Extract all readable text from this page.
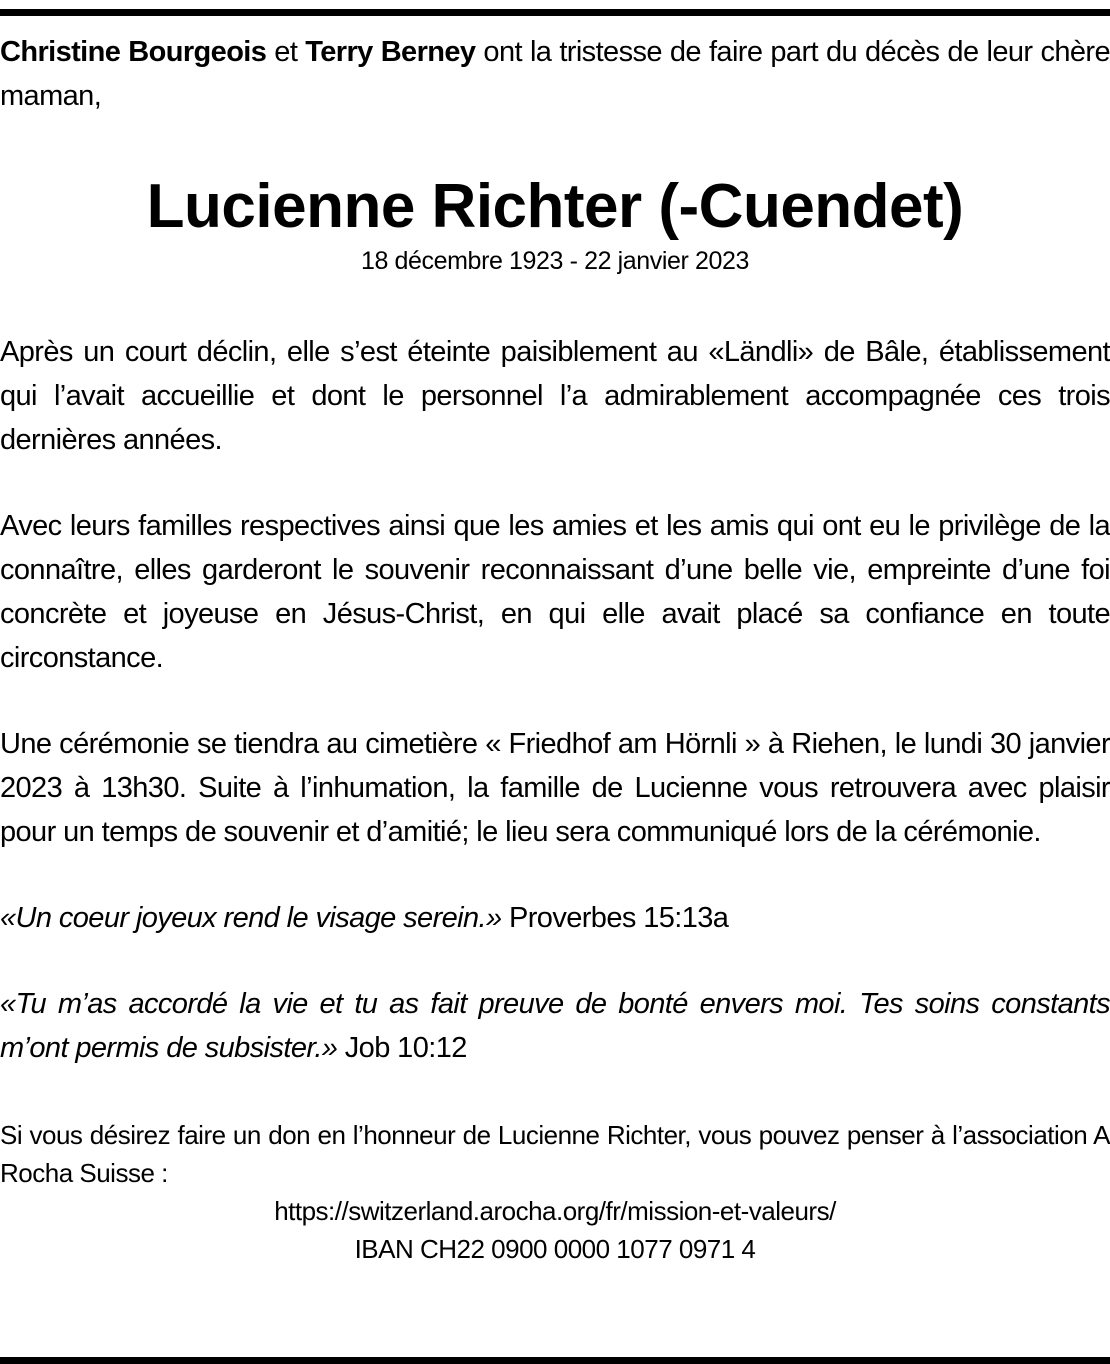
Christine Bourgeois et Terry Berney ont la tristesse de faire part du décès de leur chère maman,

Lucienne Richter (-Cuendet)

18 décembre 1923 - 22 janvier 2023

Après un court déclin, elle s’est éteinte paisiblement au «Ländli» de Bâle, établissement qui l’avait accueillie et dont le personnel l’a admirablement accompagnée ces trois dernières années.

Avec leurs familles respectives ainsi que les amies et les amis qui ont eu le privilège de la connaître, elles garderont le souvenir reconnaissant d’une belle vie, empreinte d’une foi concrète et joyeuse en Jésus-Christ, en qui elle avait placé sa confiance en toute circonstance.

Une cérémonie se tiendra au cimetière « Friedhof am Hörnli » à Riehen, le lundi 30 janvier 2023 à 13h30. Suite à l’inhumation, la famille de Lucienne vous retrouvera avec plaisir pour un temps de souvenir et d’amitié; le lieu sera communiqué lors de la cérémonie.

«Un coeur joyeux rend le visage serein.» Proverbes 15:13a

«Tu m’as accordé la vie et tu as fait preuve de bonté envers moi. Tes soins constants m’ont permis de subsister.» Job 10:12

Si vous désirez faire un don en l’honneur de Lucienne Richter, vous pouvez penser à l’association A Rocha Suisse :

https://switzerland.arocha.org/fr/mission-et-valeurs/

IBAN CH22 0900 0000 1077 0971 4
